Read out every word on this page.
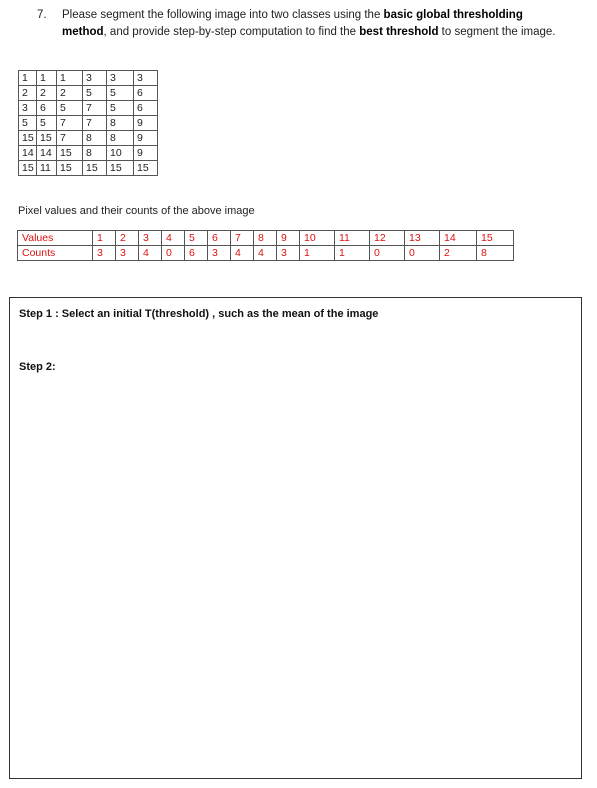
7. Please segment the following image into two classes using the basic global thresholding method, and provide step-by-step computation to find the best threshold to segment the image.
1	1	1	3	3	3
2	2	2	5	5	6
3	6	5	7	5	6
5	5	7	7	8	9
15	15	7	8	8	9
14	14	15	8	10	9
15	11	15	15	15	15
Pixel values and their counts of the above image
Values	1	2	3	4	5	6	7	8	9	10	11	12	13	14	15
Counts	3	3	4	0	6	3	4	4	3	1	1	0	0	2	8
Step 1 : Select an initial T(threshold) , such as the mean of the image
Step 2:
